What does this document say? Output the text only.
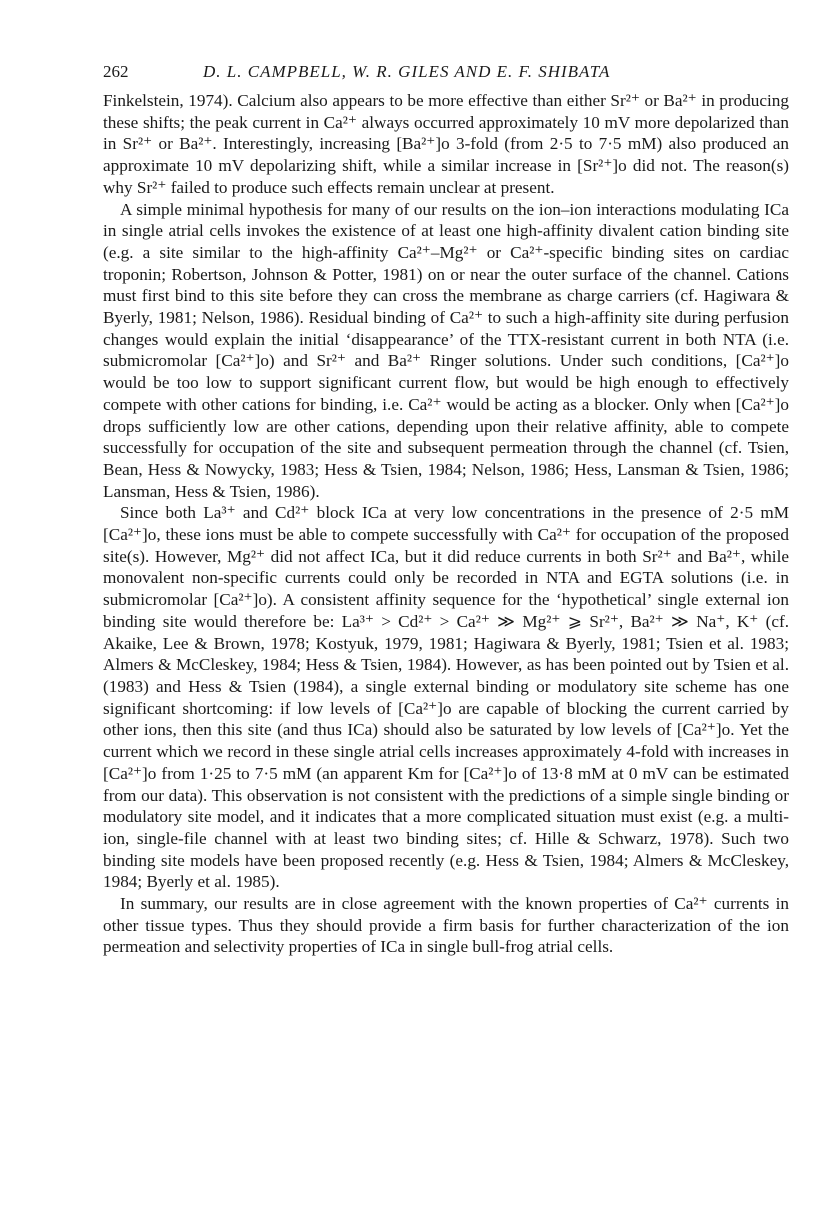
262	D. L. CAMPBELL, W. R. GILES AND E. F. SHIBATA

Finkelstein, 1974). Calcium also appears to be more effective than either Sr²⁺ or Ba²⁺ in producing these shifts; the peak current in Ca²⁺ always occurred approximately 10 mV more depolarized than in Sr²⁺ or Ba²⁺. Interestingly, increasing [Ba²⁺]o 3-fold (from 2·5 to 7·5 mM) also produced an approximate 10 mV depolarizing shift, while a similar increase in [Sr²⁺]o did not. The reason(s) why Sr²⁺ failed to produce such effects remain unclear at present.

A simple minimal hypothesis for many of our results on the ion–ion interactions modulating ICa in single atrial cells invokes the existence of at least one high-affinity divalent cation binding site (e.g. a site similar to the high-affinity Ca²⁺–Mg²⁺ or Ca²⁺-specific binding sites on cardiac troponin; Robertson, Johnson & Potter, 1981) on or near the outer surface of the channel. Cations must first bind to this site before they can cross the membrane as charge carriers (cf. Hagiwara & Byerly, 1981; Nelson, 1986). Residual binding of Ca²⁺ to such a high-affinity site during perfusion changes would explain the initial ‘disappearance’ of the TTX-resistant current in both NTA (i.e. submicromolar [Ca²⁺]o) and Sr²⁺ and Ba²⁺ Ringer solutions. Under such conditions, [Ca²⁺]o would be too low to support significant current flow, but would be high enough to effectively compete with other cations for binding, i.e. Ca²⁺ would be acting as a blocker. Only when [Ca²⁺]o drops sufficiently low are other cations, depending upon their relative affinity, able to compete successfully for occupation of the site and subsequent permeation through the channel (cf. Tsien, Bean, Hess & Nowycky, 1983; Hess & Tsien, 1984; Nelson, 1986; Hess, Lansman & Tsien, 1986; Lansman, Hess & Tsien, 1986).

Since both La³⁺ and Cd²⁺ block ICa at very low concentrations in the presence of 2·5 mM [Ca²⁺]o, these ions must be able to compete successfully with Ca²⁺ for occupation of the proposed site(s). However, Mg²⁺ did not affect ICa, but it did reduce currents in both Sr²⁺ and Ba²⁺, while monovalent non-specific currents could only be recorded in NTA and EGTA solutions (i.e. in submicromolar [Ca²⁺]o). A consistent affinity sequence for the ‘hypothetical’ single external ion binding site would therefore be: La³⁺ > Cd²⁺ > Ca²⁺ ≫ Mg²⁺ ⩾ Sr²⁺, Ba²⁺ ≫ Na⁺, K⁺ (cf. Akaike, Lee & Brown, 1978; Kostyuk, 1979, 1981; Hagiwara & Byerly, 1981; Tsien et al. 1983; Almers & McCleskey, 1984; Hess & Tsien, 1984). However, as has been pointed out by Tsien et al. (1983) and Hess & Tsien (1984), a single external binding or modulatory site scheme has one significant shortcoming: if low levels of [Ca²⁺]o are capable of blocking the current carried by other ions, then this site (and thus ICa) should also be saturated by low levels of [Ca²⁺]o. Yet the current which we record in these single atrial cells increases approximately 4-fold with increases in [Ca²⁺]o from 1·25 to 7·5 mM (an apparent Km for [Ca²⁺]o of 13·8 mM at 0 mV can be estimated from our data). This observation is not consistent with the predictions of a simple single binding or modulatory site model, and it indicates that a more complicated situation must exist (e.g. a multi-ion, single-file channel with at least two binding sites; cf. Hille & Schwarz, 1978). Such two binding site models have been proposed recently (e.g. Hess & Tsien, 1984; Almers & McCleskey, 1984; Byerly et al. 1985).

In summary, our results are in close agreement with the known properties of Ca²⁺ currents in other tissue types. Thus they should provide a firm basis for further characterization of the ion permeation and selectivity properties of ICa in single bull-frog atrial cells.
